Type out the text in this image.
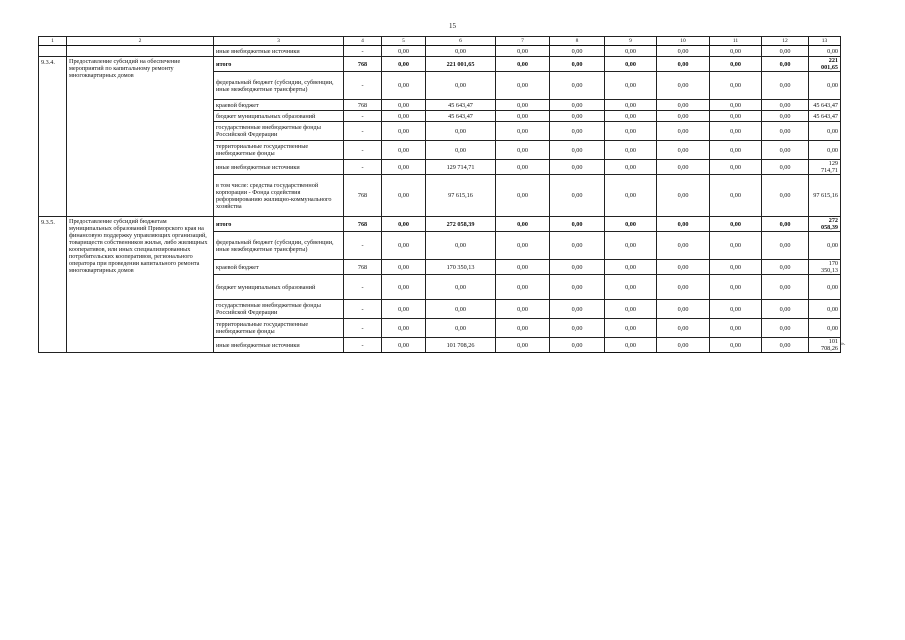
15
1	2	3	4	5	6	7	8	9	10	11	12	13
		иные внебюджетные источники	-	0,00	0,00	0,00	0,00	0,00	0,00	0,00	0,00	0,00
9.3.4.	Предоставление субсидий на обеспечение мероприятий по капитальному ремонту многоквартирных домов	итого	768	0,00	221 001,65	0,00	0,00	0,00	0,00	0,00	0,00	221 001,65
		федеральный бюджет (субсидии, субвенции, иные межбюджетные трансферты)	-	0,00	0,00	0,00	0,00	0,00	0,00	0,00	0,00	0,00
		краевой бюджет	768	0,00	45 643,47	0,00	0,00	0,00	0,00	0,00	0,00	45 643,47
		бюджет муниципальных образований	-	0,00	45 643,47	0,00	0,00	0,00	0,00	0,00	0,00	45 643,47
		государственные внебюджетные фонды Российской Федерации	-	0,00	0,00	0,00	0,00	0,00	0,00	0,00	0,00	0,00
		территориальные государственные внебюджетные фонды	-	0,00	0,00	0,00	0,00	0,00	0,00	0,00	0,00	0,00
		иные внебюджетные источники	-	0,00	129 714,71	0,00	0,00	0,00	0,00	0,00	0,00	129 714,71
		в том числе: средства государственной корпорации - Фонда содействия реформированию жилищно-коммунального хозяйства	768	0,00	97 615,16	0,00	0,00	0,00	0,00	0,00	0,00	97 615,16
9.3.5.	Предоставление субсидий бюджетам муниципальных образований Приморского края на финансовую поддержку управляющих организаций, товариществ собственников жилья, либо жилищных кооперативов, или иных специализированных потребительских кооперативов, регионального оператора при проведении капитального ремонта многоквартирных домов	итого	768	0,00	272 058,39	0,00	0,00	0,00	0,00	0,00	0,00	272 058,39
		федеральный бюджет (субсидии, субвенции, иные межбюджетные трансферты)	-	0,00	0,00	0,00	0,00	0,00	0,00	0,00	0,00	0,00
		краевой бюджет	768	0,00	170 350,13	0,00	0,00	0,00	0,00	0,00	0,00	170 350,13
		бюджет муниципальных образований	-	0,00	0,00	0,00	0,00	0,00	0,00	0,00	0,00	0,00
		государственные внебюджетные фонды Российской Федерации	-	0,00	0,00	0,00	0,00	0,00	0,00	0,00	0,00	0,00
		территориальные государственные внебюджетные фонды	-	0,00	0,00	0,00	0,00	0,00	0,00	0,00	0,00	0,00
		иные внебюджетные источники	-	0,00	101 708,26	0,00	0,00	0,00	0,00	0,00	0,00	101 708,26
».
